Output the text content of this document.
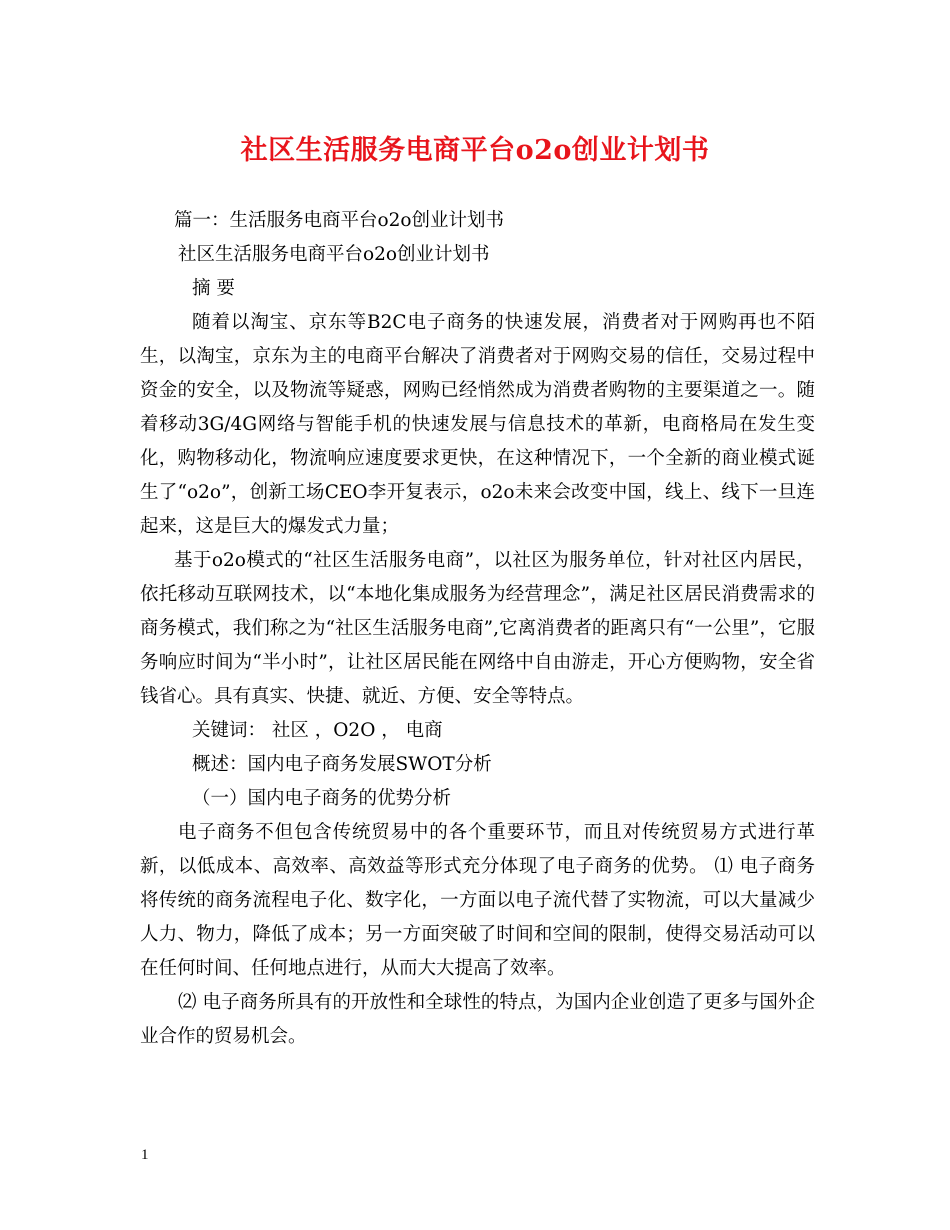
社区生活服务电商平台o2o创业计划书

篇一：生活服务电商平台o2o创业计划书

社区生活服务电商平台o2o创业计划书

摘 要

随着以淘宝、京东等B2C电子商务的快速发展，消费者对于网购再也不陌生，以淘宝，京东为主的电商平台解决了消费者对于网购交易的信任，交易过程中资金的安全，以及物流等疑惑，网购已经悄然成为消费者购物的主要渠道之一。随着移动3G/4G网络与智能手机的快速发展与信息技术的革新，电商格局在发生变化，购物移动化，物流响应速度要求更快，在这种情况下，一个全新的商业模式诞生了“o2o”，创新工场CEO李开复表示，o2o未来会改变中国，线上、线下一旦连起来，这是巨大的爆发式力量；

基于o2o模式的“社区生活服务电商”，以社区为服务单位，针对社区内居民，依托移动互联网技术，以“本地化集成服务为经营理念”，满足社区居民消费需求的商务模式，我们称之为“社区生活服务电商”,它离消费者的距离只有“一公里”，它服务响应时间为“半小时”，让社区居民能在网络中自由游走，开心方便购物，安全省钱省心。具有真实、快捷、就近、方便、安全等特点。

关键词： 社区 ，O2O ， 电商

概述：国内电子商务发展SWOT分析

（一）国内电子商务的优势分析

电子商务不但包含传统贸易中的各个重要环节，而且对传统贸易方式进行革新，以低成本、高效率、高效益等形式充分体现了电子商务的优势。 ⑴ 电子商务将传统的商务流程电子化、数字化，一方面以电子流代替了实物流，可以大量减少人力、物力，降低了成本；另一方面突破了时间和空间的限制，使得交易活动可以在任何时间、任何地点进行，从而大大提高了效率。

⑵ 电子商务所具有的开放性和全球性的特点，为国内企业创造了更多与国外企业合作的贸易机会。

1
